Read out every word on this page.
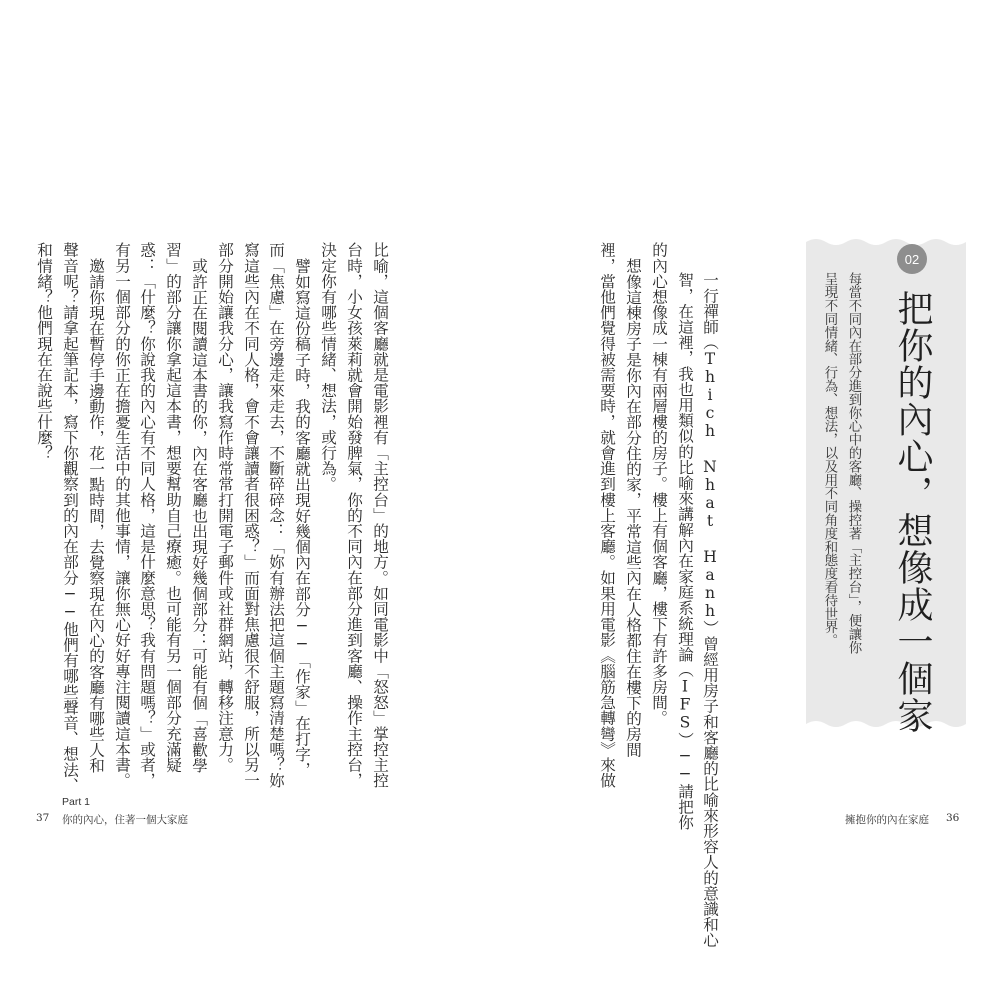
02
把你的內心，想像成一個家
每當不同內在部分進到你心中的客廳、操控著「主控台」，便讓你
呈現不同情緒、行為、想法，以及用不同角度和態度看待世界。
一行禪師（Thich Nhat Hanh）曾經用房子和客廳的比喻來形容人的意識和心
智，在這裡，我也用類似的比喻來講解內在家庭系統理論（IFS）──請把你
的內心想像成一棟有兩層樓的房子。樓上有個客廳，樓下有許多房間。
想像這棟房子是你內在部分住的家，平常這些內在人格都住在樓下的房間
裡，當他們覺得被需要時，就會進到樓上客廳。如果用電影《腦筋急轉彎》來做
比喻，這個客廳就是電影裡有「主控台」的地方。如同電影中「怒怒」掌控主控
台時，小女孩萊莉就會開始發脾氣，你的不同內在部分進到客廳、操作主控台，
決定你有哪些情緒、想法，或行為。
譬如寫這份稿子時，我的客廳就出現好幾個內在部分──「作家」在打字，
而「焦慮」在旁邊走來走去，不斷碎碎念：「妳有辦法把這個主題寫清楚嗎？妳
寫這些內在不同人格，會不會讓讀者很困惑？」而面對焦慮很不舒服，所以另一
部分開始讓我分心，讓我寫作時常常打開電子郵件或社群網站，轉移注意力。
或許正在閱讀這本書的你，內在客廳也出現好幾個部分：可能有個「喜歡學
習」的部分讓你拿起這本書，想要幫助自己療癒。也可能有另一個部分充滿疑
惑：「什麼？你說我的內心有不同人格，這是什麼意思？我有問題嗎？」或者，
有另一個部分的你正在擔憂生活中的其他事情，讓你無心好好專注閱讀這本書。
邀請你現在暫停手邊動作，花一點時間，去覺察現在內心的客廳有哪些人和
聲音呢？請拿起筆記本，寫下你觀察到的內在部分──他們有哪些聲音、想法、
和情緒？他們現在在說些什麼？
Part 1
37 你的內心，住著一個大家庭	擁抱你的內在家庭 36
